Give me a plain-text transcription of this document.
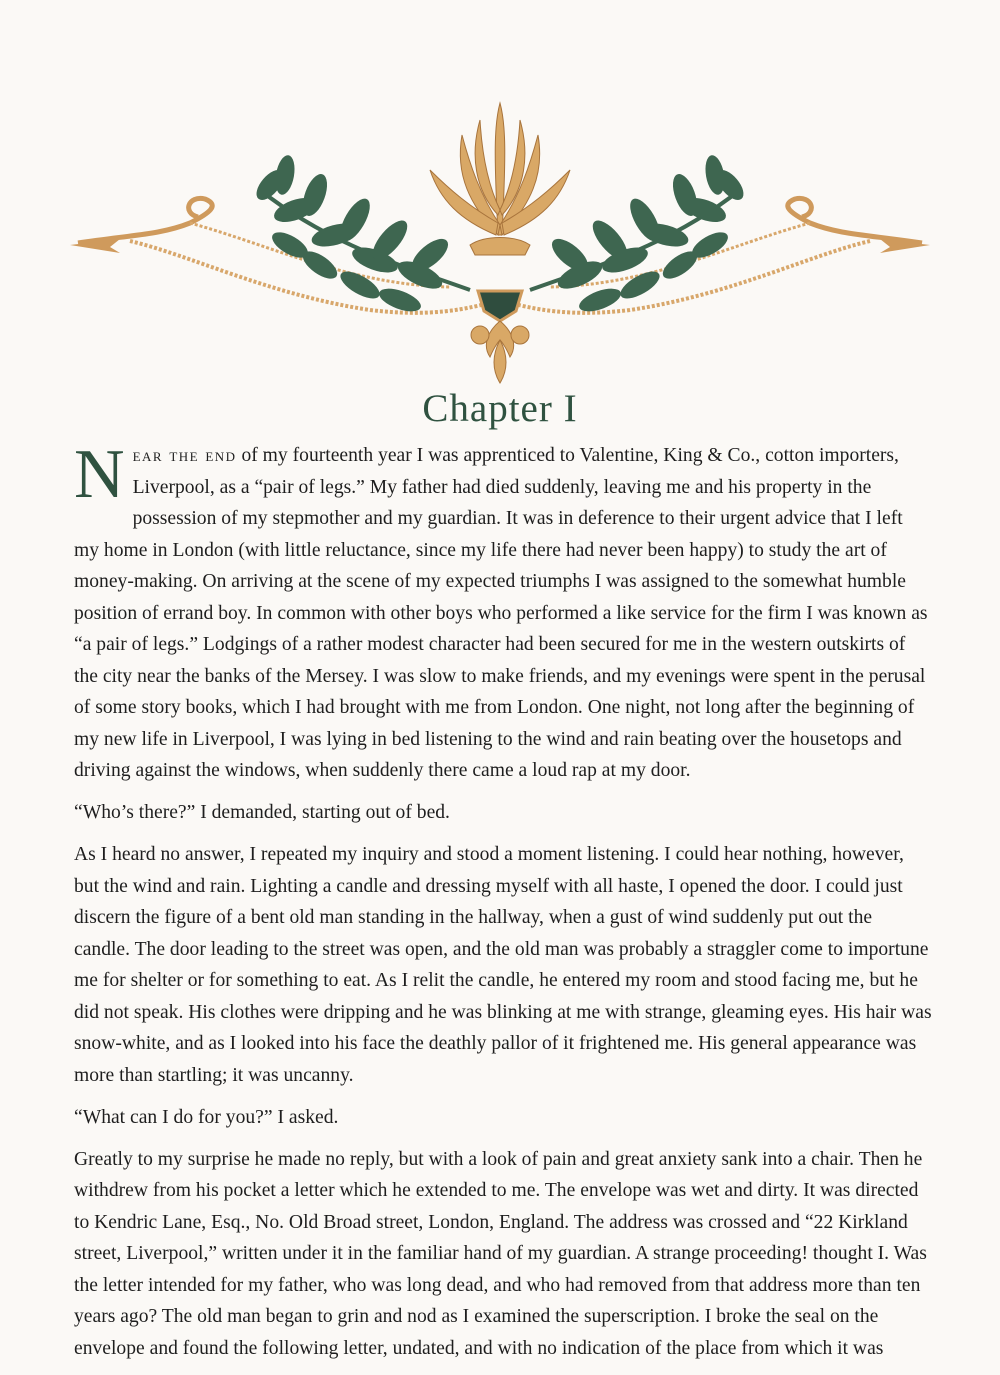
Chapter I

Near the end of my fourteenth year I was apprenticed to Valentine, King & Co., cotton importers, Liverpool, as a “pair of legs.” My father had died suddenly, leaving me and his property in the possession of my stepmother and my guardian. It was in deference to their urgent advice that I left my home in London (with little reluctance, since my life there had never been happy) to study the art of money-making. On arriving at the scene of my expected triumphs I was assigned to the somewhat humble position of errand boy. In common with other boys who performed a like service for the firm I was known as “a pair of legs.” Lodgings of a rather modest character had been secured for me in the western outskirts of the city near the banks of the Mersey. I was slow to make friends, and my evenings were spent in the perusal of some story books, which I had brought with me from London. One night, not long after the beginning of my new life in Liverpool, I was lying in bed listening to the wind and rain beating over the housetops and driving against the windows, when suddenly there came a loud rap at my door.

“Who’s there?” I demanded, starting out of bed.

As I heard no answer, I repeated my inquiry and stood a moment listening. I could hear nothing, however, but the wind and rain. Lighting a candle and dressing myself with all haste, I opened the door. I could just discern the figure of a bent old man standing in the hallway, when a gust of wind suddenly put out the candle. The door leading to the street was open, and the old man was probably a straggler come to importune me for shelter or for something to eat. As I relit the candle, he entered my room and stood facing me, but he did not speak. His clothes were dripping and he was blinking at me with strange, gleaming eyes. His hair was snow-white, and as I looked into his face the deathly pallor of it frightened me. His general appearance was more than startling; it was uncanny.

“What can I do for you?” I asked.

Greatly to my surprise he made no reply, but with a look of pain and great anxiety sank into a chair. Then he withdrew from his pocket a letter which he extended to me. The envelope was wet and dirty. It was directed to Kendric Lane, Esq., No. Old Broad street, London, England. The address was crossed and “22 Kirkland street, Liverpool,” written under it in the familiar hand of my guardian. A strange proceeding! thought I. Was the letter intended for my father, who was long dead, and who had removed from that address more than ten years ago? The old man began to grin and nod as I examined the superscription. I broke the seal on the envelope and found the following letter, undated, and with no indication of the place from which it was
